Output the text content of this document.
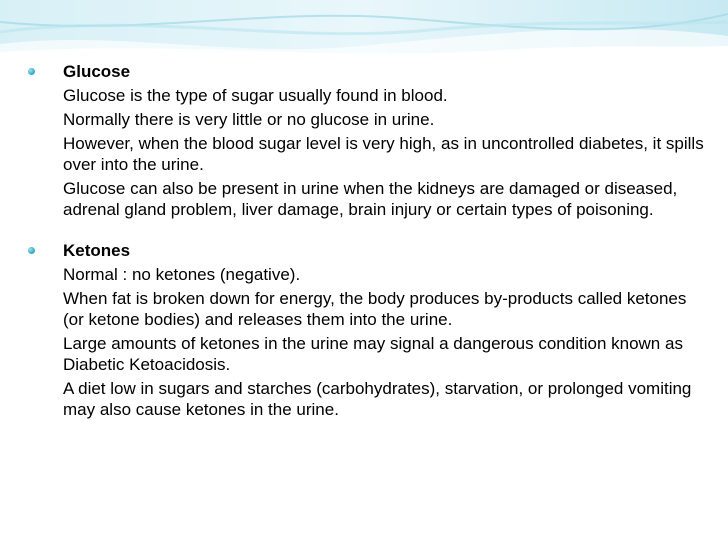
Glucose
Glucose is the type of sugar usually found in blood.
Normally there is very little or no glucose in urine.
However, when the blood sugar level is very high, as in uncontrolled diabetes, it spills over into the urine.
Glucose can also be present in urine when the kidneys are damaged or diseased, adrenal gland problem, liver damage, brain injury or certain types of poisoning.
Ketones
Normal : no ketones (negative).
When fat is broken down for energy, the body produces by-products called ketones (or ketone bodies) and releases them into the urine.
Large amounts of ketones in the urine may signal a dangerous condition known as Diabetic Ketoacidosis.
A diet low in sugars and starches (carbohydrates), starvation, or prolonged vomiting may also cause ketones in the urine.
